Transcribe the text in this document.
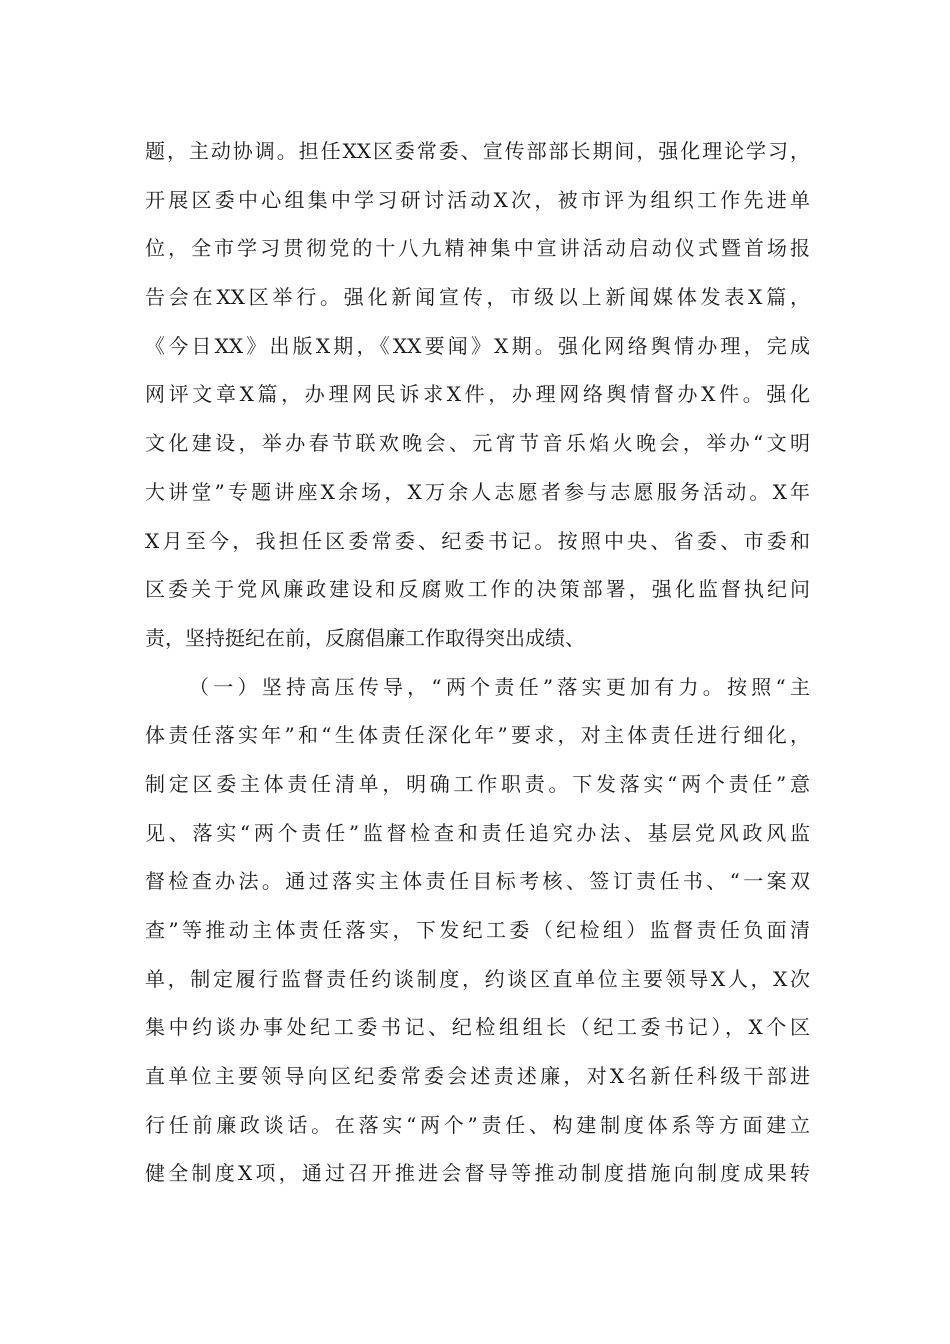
题，主动协调。担任XX区委常委、宣传部部长期间，强化理论学习，
开展区委中心组集中学习研讨活动X次，被市评为组织工作先进单
位，全市学习贯彻党的十八九精神集中宣讲活动启动仪式暨首场报
告会在XX区举行。强化新闻宣传，市级以上新闻媒体发表X篇，
《今日XX》出版X期，《XX要闻》X期。强化网络舆情办理，完成
网评文章X篇，办理网民诉求X件，办理网络舆情督办X件。强化
文化建设，举办春节联欢晚会、元宵节音乐焰火晚会，举办“文明
大讲堂”专题讲座X余场，X万余人志愿者参与志愿服务活动。X年
X月至今，我担任区委常委、纪委书记。按照中央、省委、市委和
区委关于党风廉政建设和反腐败工作的决策部署，强化监督执纪问
责，坚持挺纪在前，反腐倡廉工作取得突出成绩、
（一）坚持高压传导，“两个责任”落实更加有力。按照“主
体责任落实年”和“生体责任深化年”要求，对主体责任进行细化，
制定区委主体责任清单，明确工作职责。下发落实“两个责任”意
见、落实“两个责任”监督检查和责任追究办法、基层党风政风监
督检查办法。通过落实主体责任目标考核、签订责任书、“一案双
查”等推动主体责任落实，下发纪工委（纪检组）监督责任负面清
单，制定履行监督责任约谈制度，约谈区直单位主要领导X人，X次
集中约谈办事处纪工委书记、纪检组组长（纪工委书记），X个区
直单位主要领导向区纪委常委会述责述廉，对X名新任科级干部进
行任前廉政谈话。在落实“两个”责任、构建制度体系等方面建立
健全制度X项，通过召开推进会督导等推动制度措施向制度成果转
